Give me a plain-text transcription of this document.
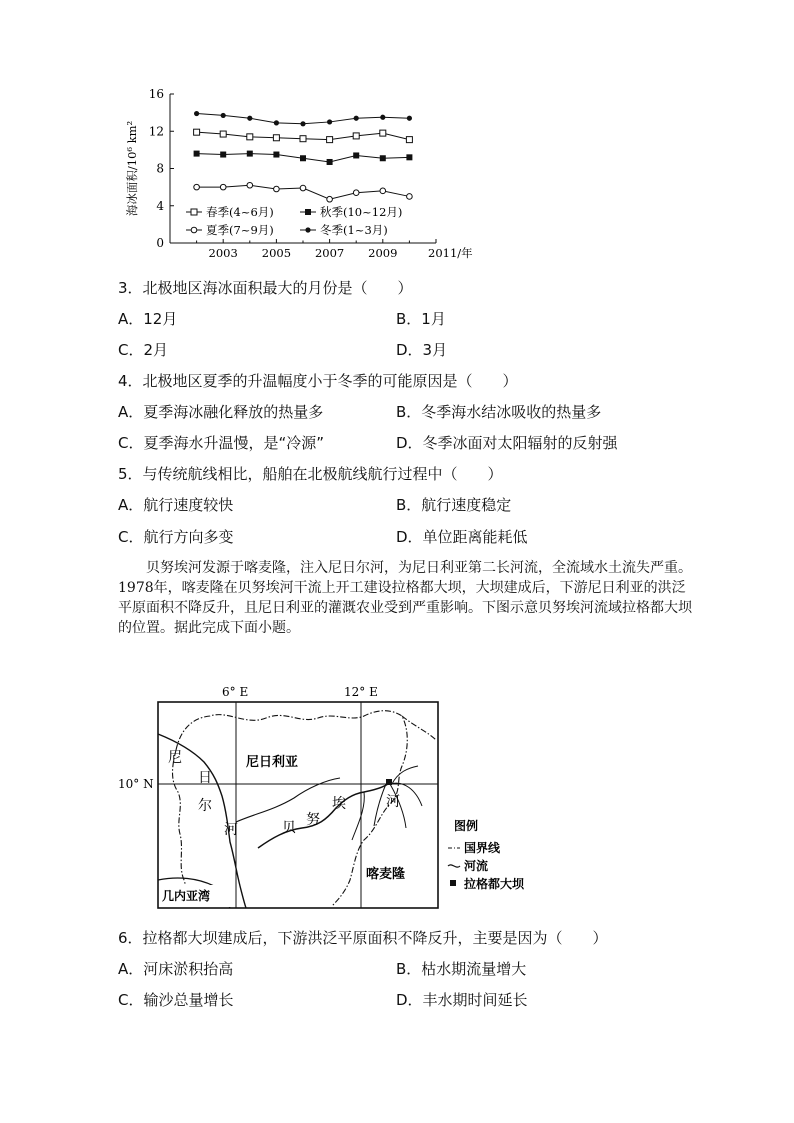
0
4
8
12
16
2003 2005 2007 2009	2011/年
海冰面积/10⁶ km²	春季(4~6月)	秋季(10~12月)
夏季(7~9月)	冬季(1~3月)
3．北极地区海冰面积最大的月份是（　　）
A．12月	B．1月
C．2月	D．3月
4．北极地区夏季的升温幅度小于冬季的可能原因是（　　）
A．夏季海冰融化释放的热量多	B．冬季海水结冰吸收的热量多
C．夏季海水升温慢，是“冷源”	D．冬季冰面对太阳辐射的反射强
5．与传统航线相比，船舶在北极航线航行过程中（　　）
A．航行速度较快	B．航行速度稳定
C．航行方向多变	D．单位距离能耗低

贝努埃河发源于喀麦隆，注入尼日尔河，为尼日利亚第二长河流，全流域水土流失严重。1978年，喀麦隆在贝努埃河干流上开工建设拉格都大坝，大坝建成后，下游尼日利亚的洪泛平原面积不降反升，且尼日利亚的灌溉农业受到严重影响。下图示意贝努埃河流域拉格都大坝的位置。据此完成下面小题。

6° E	12° E
10° N
尼
日
尔
河
尼日利亚
贝 努
埃	河
喀麦隆
几内亚湾
图例
国界线
河流
拉格都大坝
6．拉格都大坝建成后，下游洪泛平原面积不降反升，主要是因为（　　）
A．河床淤积抬高	B．枯水期流量增大
C．输沙总量增长	D．丰水期时间延长
